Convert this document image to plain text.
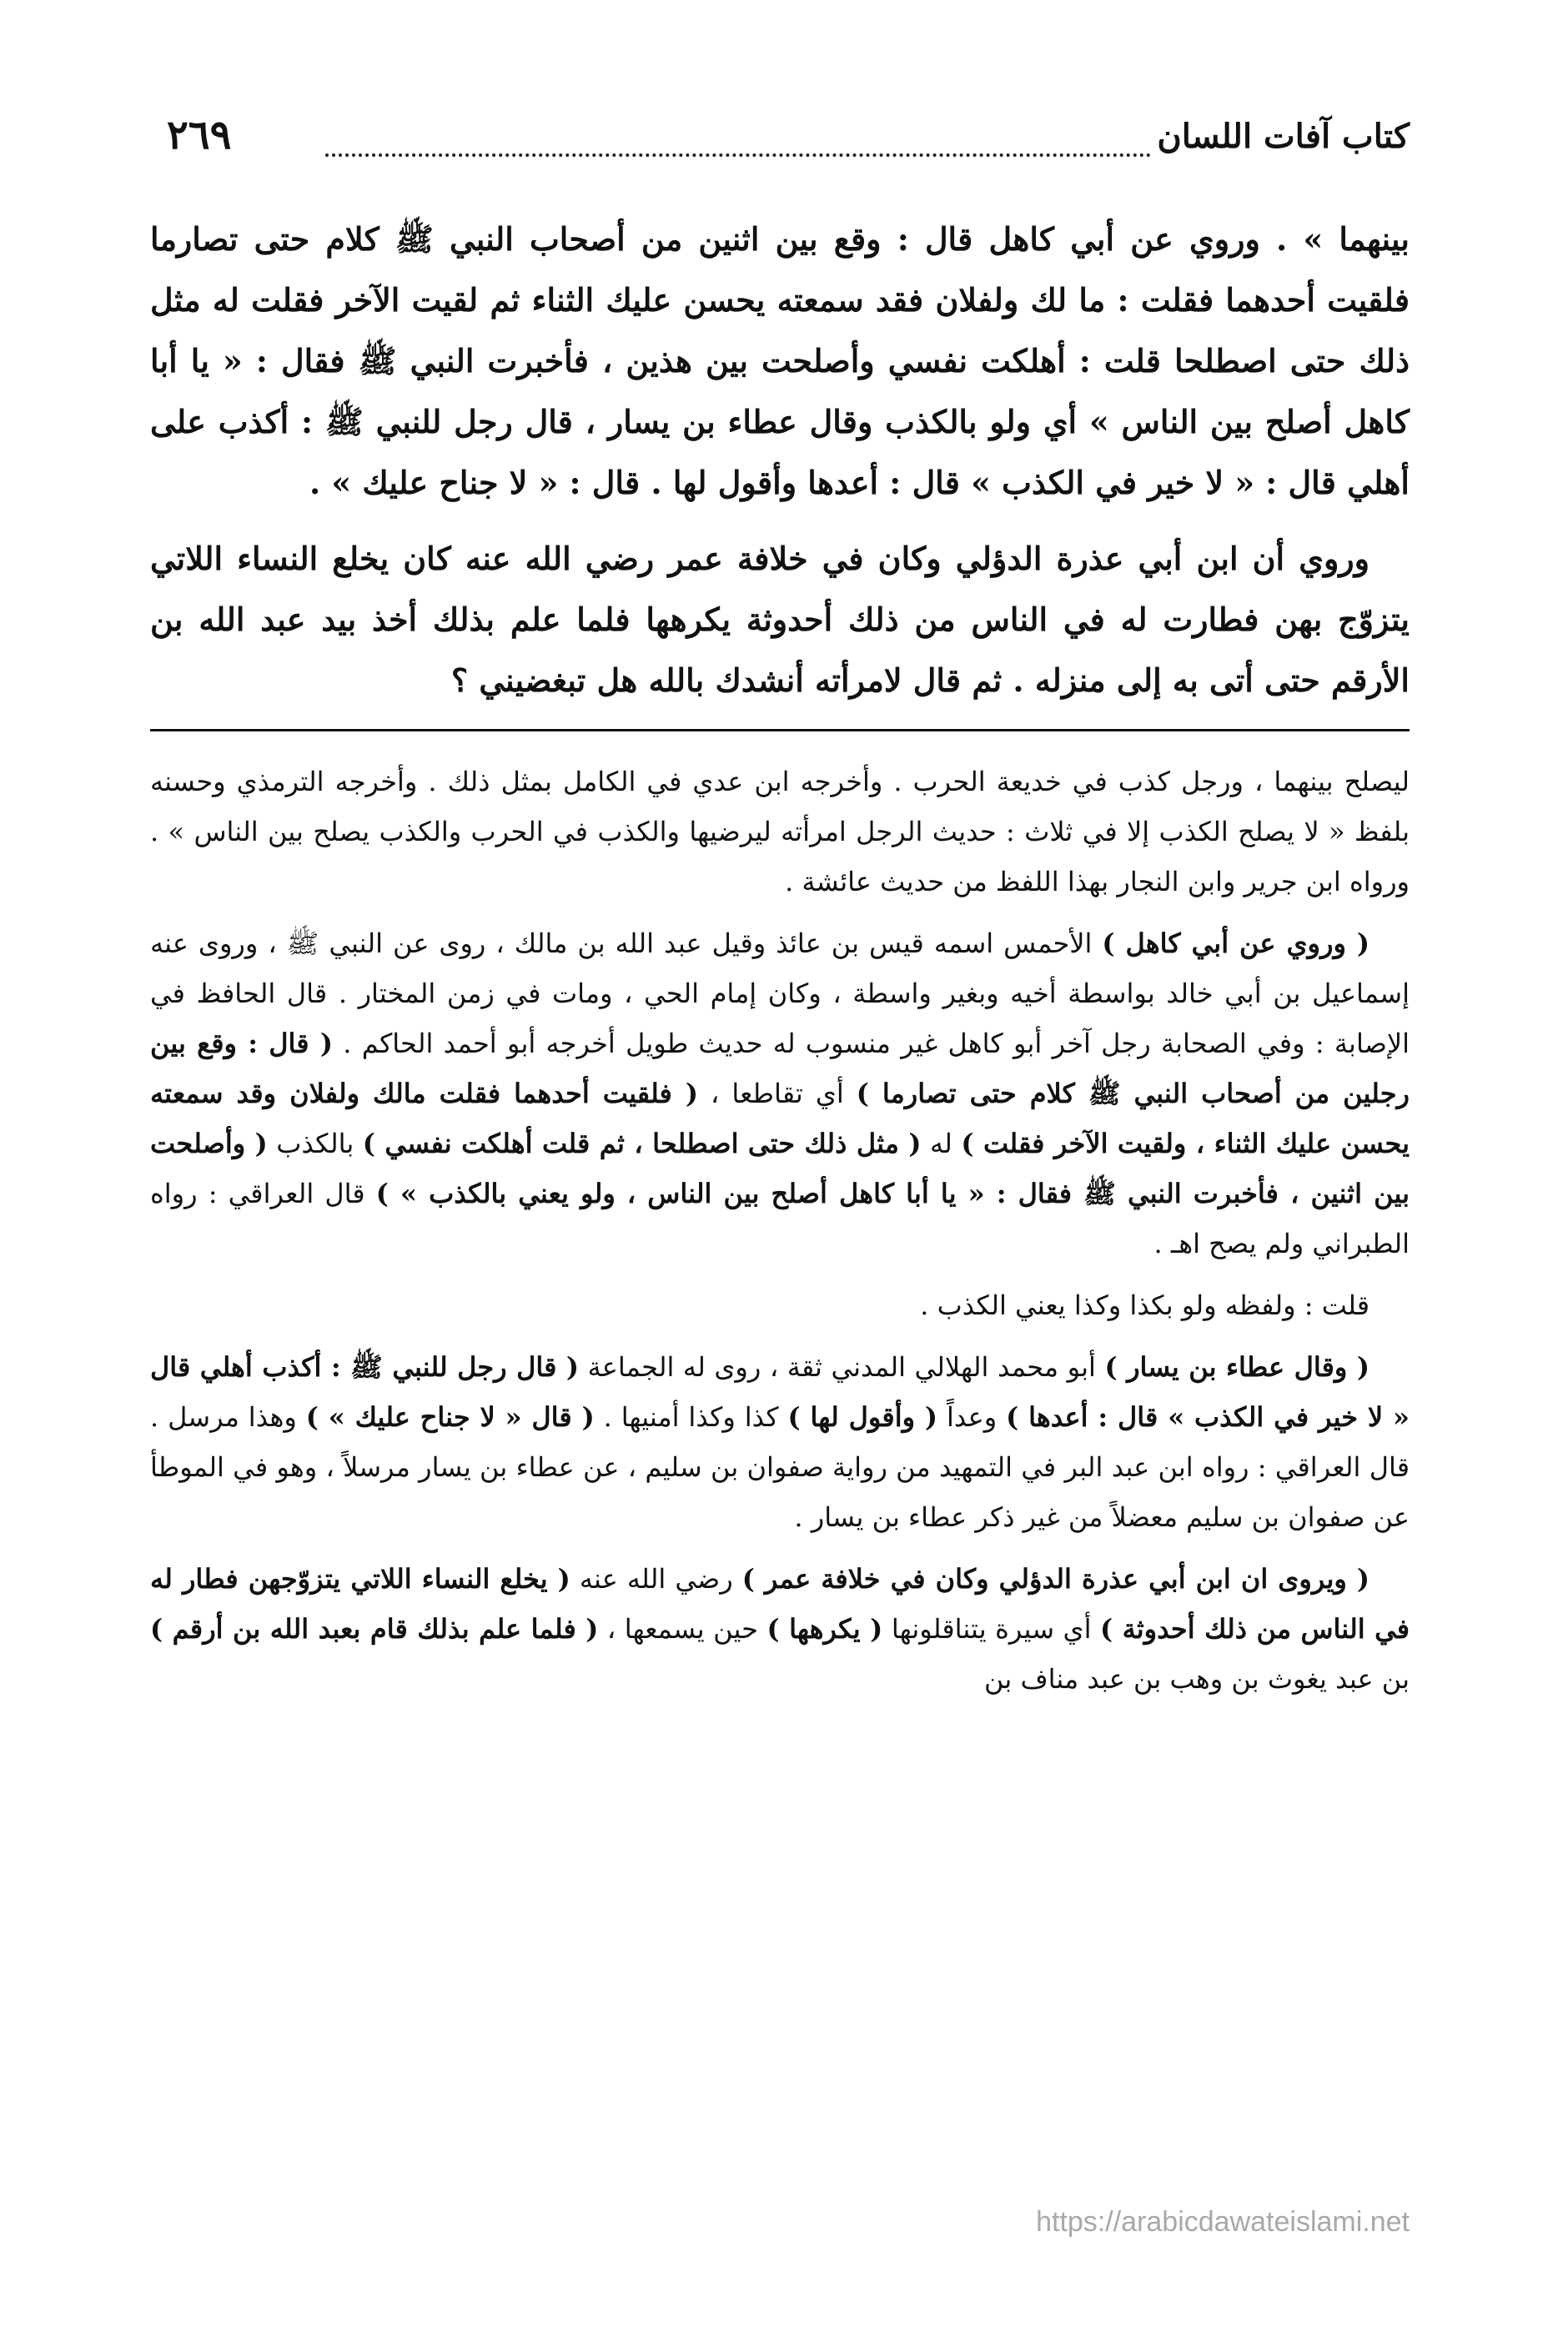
كتاب آفات اللسان
٢٦٩

بينهما » . وروي عن أبي كاهل قال : وقع بين اثنين من أصحاب النبي ﷺ كلام حتى تصارما فلقيت أحدهما فقلت : ما لك ولفلان فقد سمعته يحسن عليك الثناء ثم لقيت الآخر فقلت له مثل ذلك حتى اصطلحا قلت : أهلكت نفسي وأصلحت بين هذين ، فأخبرت النبي ﷺ فقال : « يا أبا كاهل أصلح بين الناس » أي ولو بالكذب وقال عطاء بن يسار ، قال رجل للنبي ﷺ : أكذب على أهلي قال : « لا خير في الكذب » قال : أعدها وأقول لها . قال : « لا جناح عليك » .

وروي أن ابن أبي عذرة الدؤلي وكان في خلافة عمر رضي الله عنه كان يخلع النساء اللاتي يتزوّج بهن فطارت له في الناس من ذلك أحدوثة يكرهها فلما علم بذلك أخذ بيد عبد الله بن الأرقم حتى أتى به إلى منزله . ثم قال لامرأته أنشدك بالله هل تبغضيني ؟

ليصلح بينهما ، ورجل كذب في خديعة الحرب . وأخرجه ابن عدي في الكامل بمثل ذلك . وأخرجه الترمذي وحسنه بلفظ « لا يصلح الكذب إلا في ثلاث : حديث الرجل امرأته ليرضيها والكذب في الحرب والكذب يصلح بين الناس » . ورواه ابن جرير وابن النجار بهذا اللفظ من حديث عائشة .

( وروي عن أبي كاهل ) الأحمس اسمه قيس بن عائذ وقيل عبد الله بن مالك ، روى عن النبي ﷺ ، وروى عنه إسماعيل بن أبي خالد بواسطة أخيه وبغير واسطة ، وكان إمام الحي ، ومات في زمن المختار . قال الحافظ في الإصابة : وفي الصحابة رجل آخر أبو كاهل غير منسوب له حديث طويل أخرجه أبو أحمد الحاكم . ( قال : وقع بين رجلين من أصحاب النبي ﷺ كلام حتى تصارما ) أي تقاطعا ، ( فلقيت أحدهما فقلت مالك ولفلان وقد سمعته يحسن عليك الثناء ، ولقيت الآخر فقلت ) له ( مثل ذلك حتى اصطلحا ، ثم قلت أهلكت نفسي ) بالكذب ( وأصلحت بين اثنين ، فأخبرت النبي ﷺ فقال : « يا أبا كاهل أصلح بين الناس ، ولو يعني بالكذب » ) قال العراقي : رواه الطبراني ولم يصح اهـ .

قلت : ولفظه ولو بكذا وكذا يعني الكذب .

( وقال عطاء بن يسار ) أبو محمد الهلالي المدني ثقة ، روى له الجماعة ( قال رجل للنبي ﷺ : أكذب أهلي قال « لا خير في الكذب » قال : أعدها ) وعداً ( وأقول لها ) كذا وكذا أمنيها . ( قال « لا جناح عليك » ) وهذا مرسل . قال العراقي : رواه ابن عبد البر في التمهيد من رواية صفوان بن سليم ، عن عطاء بن يسار مرسلاً ، وهو في الموطأ عن صفوان بن سليم معضلاً من غير ذكر عطاء بن يسار .

( ويروى ان ابن أبي عذرة الدؤلي وكان في خلافة عمر ) رضي الله عنه ( يخلع النساء اللاتي يتزوّجهن فطار له في الناس من ذلك أحدوثة ) أي سيرة يتناقلونها ( يكرهها ) حين يسمعها ، ( فلما علم بذلك قام بعبد الله بن أرقم ) بن عبد يغوث بن وهب بن عبد مناف بن

https://arabicdawateislami.net
